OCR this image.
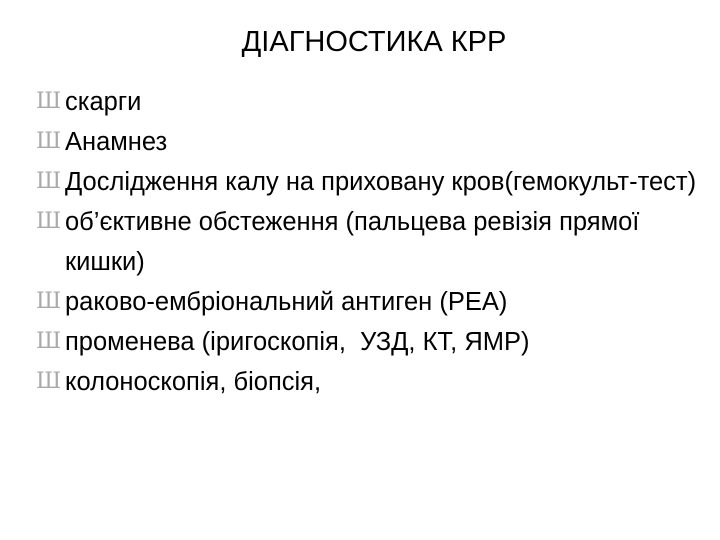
ДІАГНОСТИКА КРР
Ш скарги
Ш Анамнез
Ш Дослідження калу на приховану кров(гемокульт-тест)
Ш об’єктивне обстеження (пальцева ревізія прямої кишки)
Ш раково-ембріональний антиген (РЕА)
Ш променева (іригоскопія,  УЗД, КТ, ЯМР)
Ш колоноскопія, біопсія,
